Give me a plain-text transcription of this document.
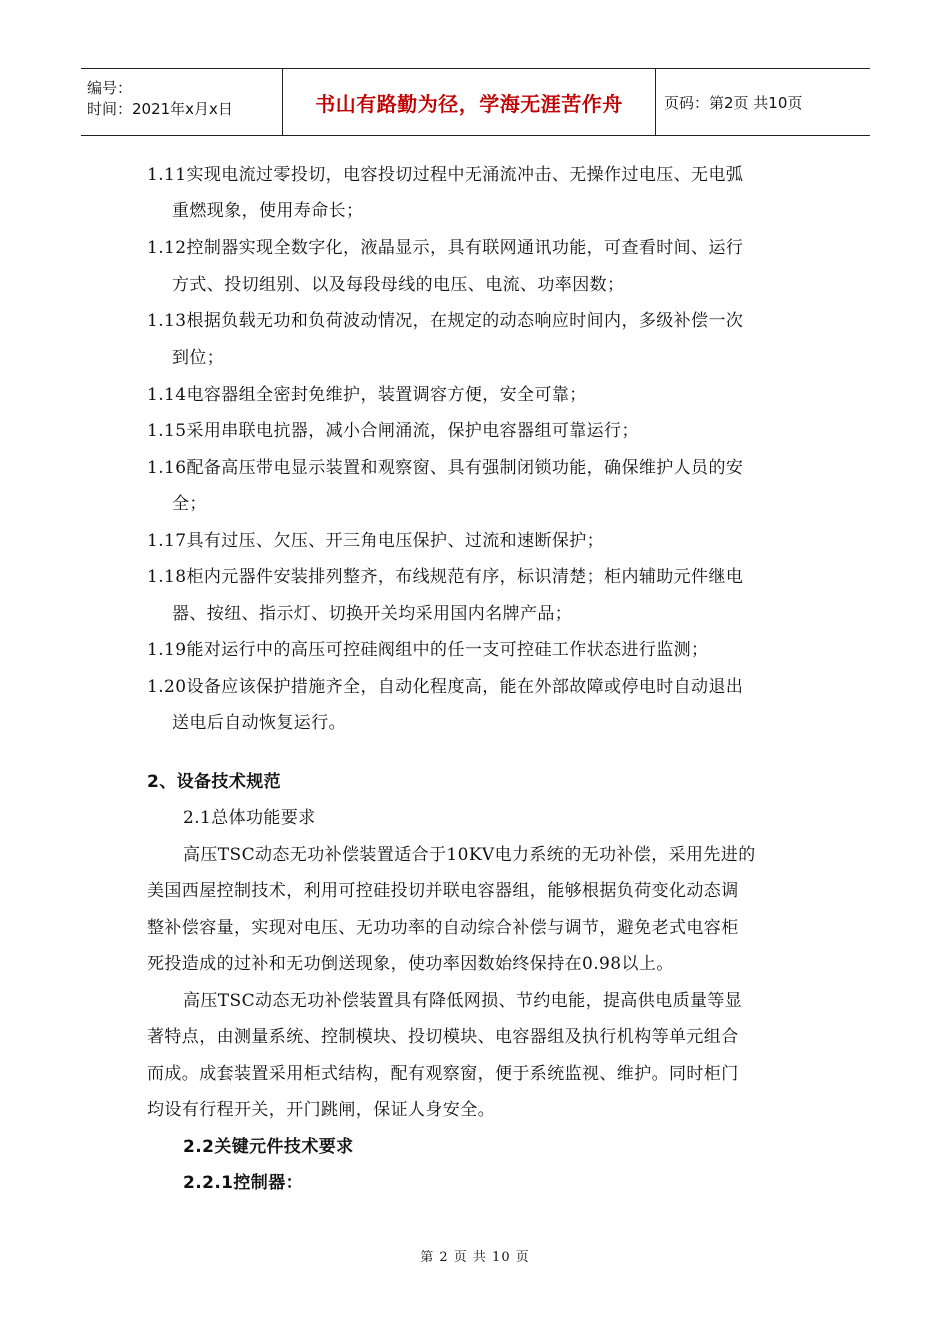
编号：
时间：2021年x月x日	书山有路勤为径，学海无涯苦作舟	页码：第2页 共10页
1.11实现电流过零投切，电容投切过程中无涌流冲击、无操作过电压、无电弧
重燃现象，使用寿命长；
1.12控制器实现全数字化，液晶显示，具有联网通讯功能，可查看时间、运行
方式、投切组别、以及每段母线的电压、电流、功率因数；
1.13根据负载无功和负荷波动情况，在规定的动态响应时间内，多级补偿一次
到位；
1.14电容器组全密封免维护，装置调容方便，安全可靠；
1.15采用串联电抗器，减小合闸涌流，保护电容器组可靠运行；
1.16配备高压带电显示装置和观察窗、具有强制闭锁功能，确保维护人员的安
全；
1.17具有过压、欠压、开三角电压保护、过流和速断保护；
1.18柜内元器件安装排列整齐，布线规范有序，标识清楚；柜内辅助元件继电
器、按纽、指示灯、切换开关均采用国内名牌产品；
1.19能对运行中的高压可控硅阀组中的任一支可控硅工作状态进行监测；
1.20设备应该保护措施齐全，自动化程度高，能在外部故障或停电时自动退出
送电后自动恢复运行。
2、设备技术规范
2.1总体功能要求
高压TSC动态无功补偿装置适合于10KV电力系统的无功补偿，采用先进的
美国西屋控制技术，利用可控硅投切并联电容器组，能够根据负荷变化动态调
整补偿容量，实现对电压、无功功率的自动综合补偿与调节，避免老式电容柜
死投造成的过补和无功倒送现象，使功率因数始终保持在0.98以上。
高压TSC动态无功补偿装置具有降低网损、节约电能，提高供电质量等显
著特点，由测量系统、控制模块、投切模块、电容器组及执行机构等单元组合
而成。成套装置采用柜式结构，配有观察窗，便于系统监视、维护。同时柜门
均设有行程开关，开门跳闸，保证人身安全。
2.2关键元件技术要求
2.2.1控制器：
第 2 页 共 10 页
